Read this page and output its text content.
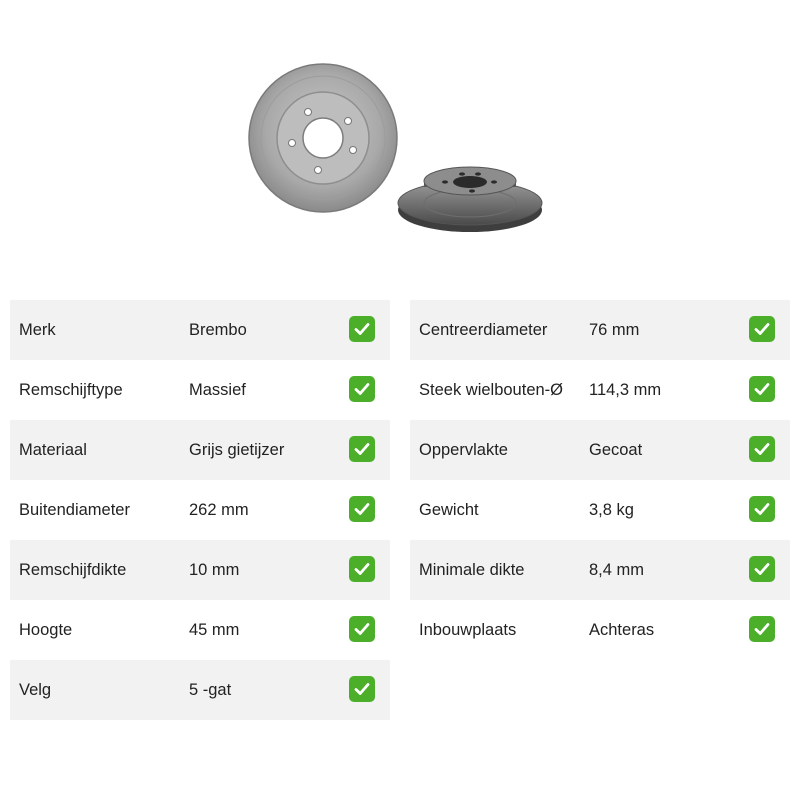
Merk	Brembo
Remschijftype	Massief
Materiaal	Grijs gietijzer
Buitendiameter	262 mm
Remschijfdikte	10 mm
Hoogte	45 mm
Velg	5 -gat
Centreerdiameter	76 mm
Steek wielbouten-Ø 114,3 mm
Oppervlakte	Gecoat
Gewicht	3,8 kg
Minimale dikte	8,4 mm
Inbouwplaats	Achteras
